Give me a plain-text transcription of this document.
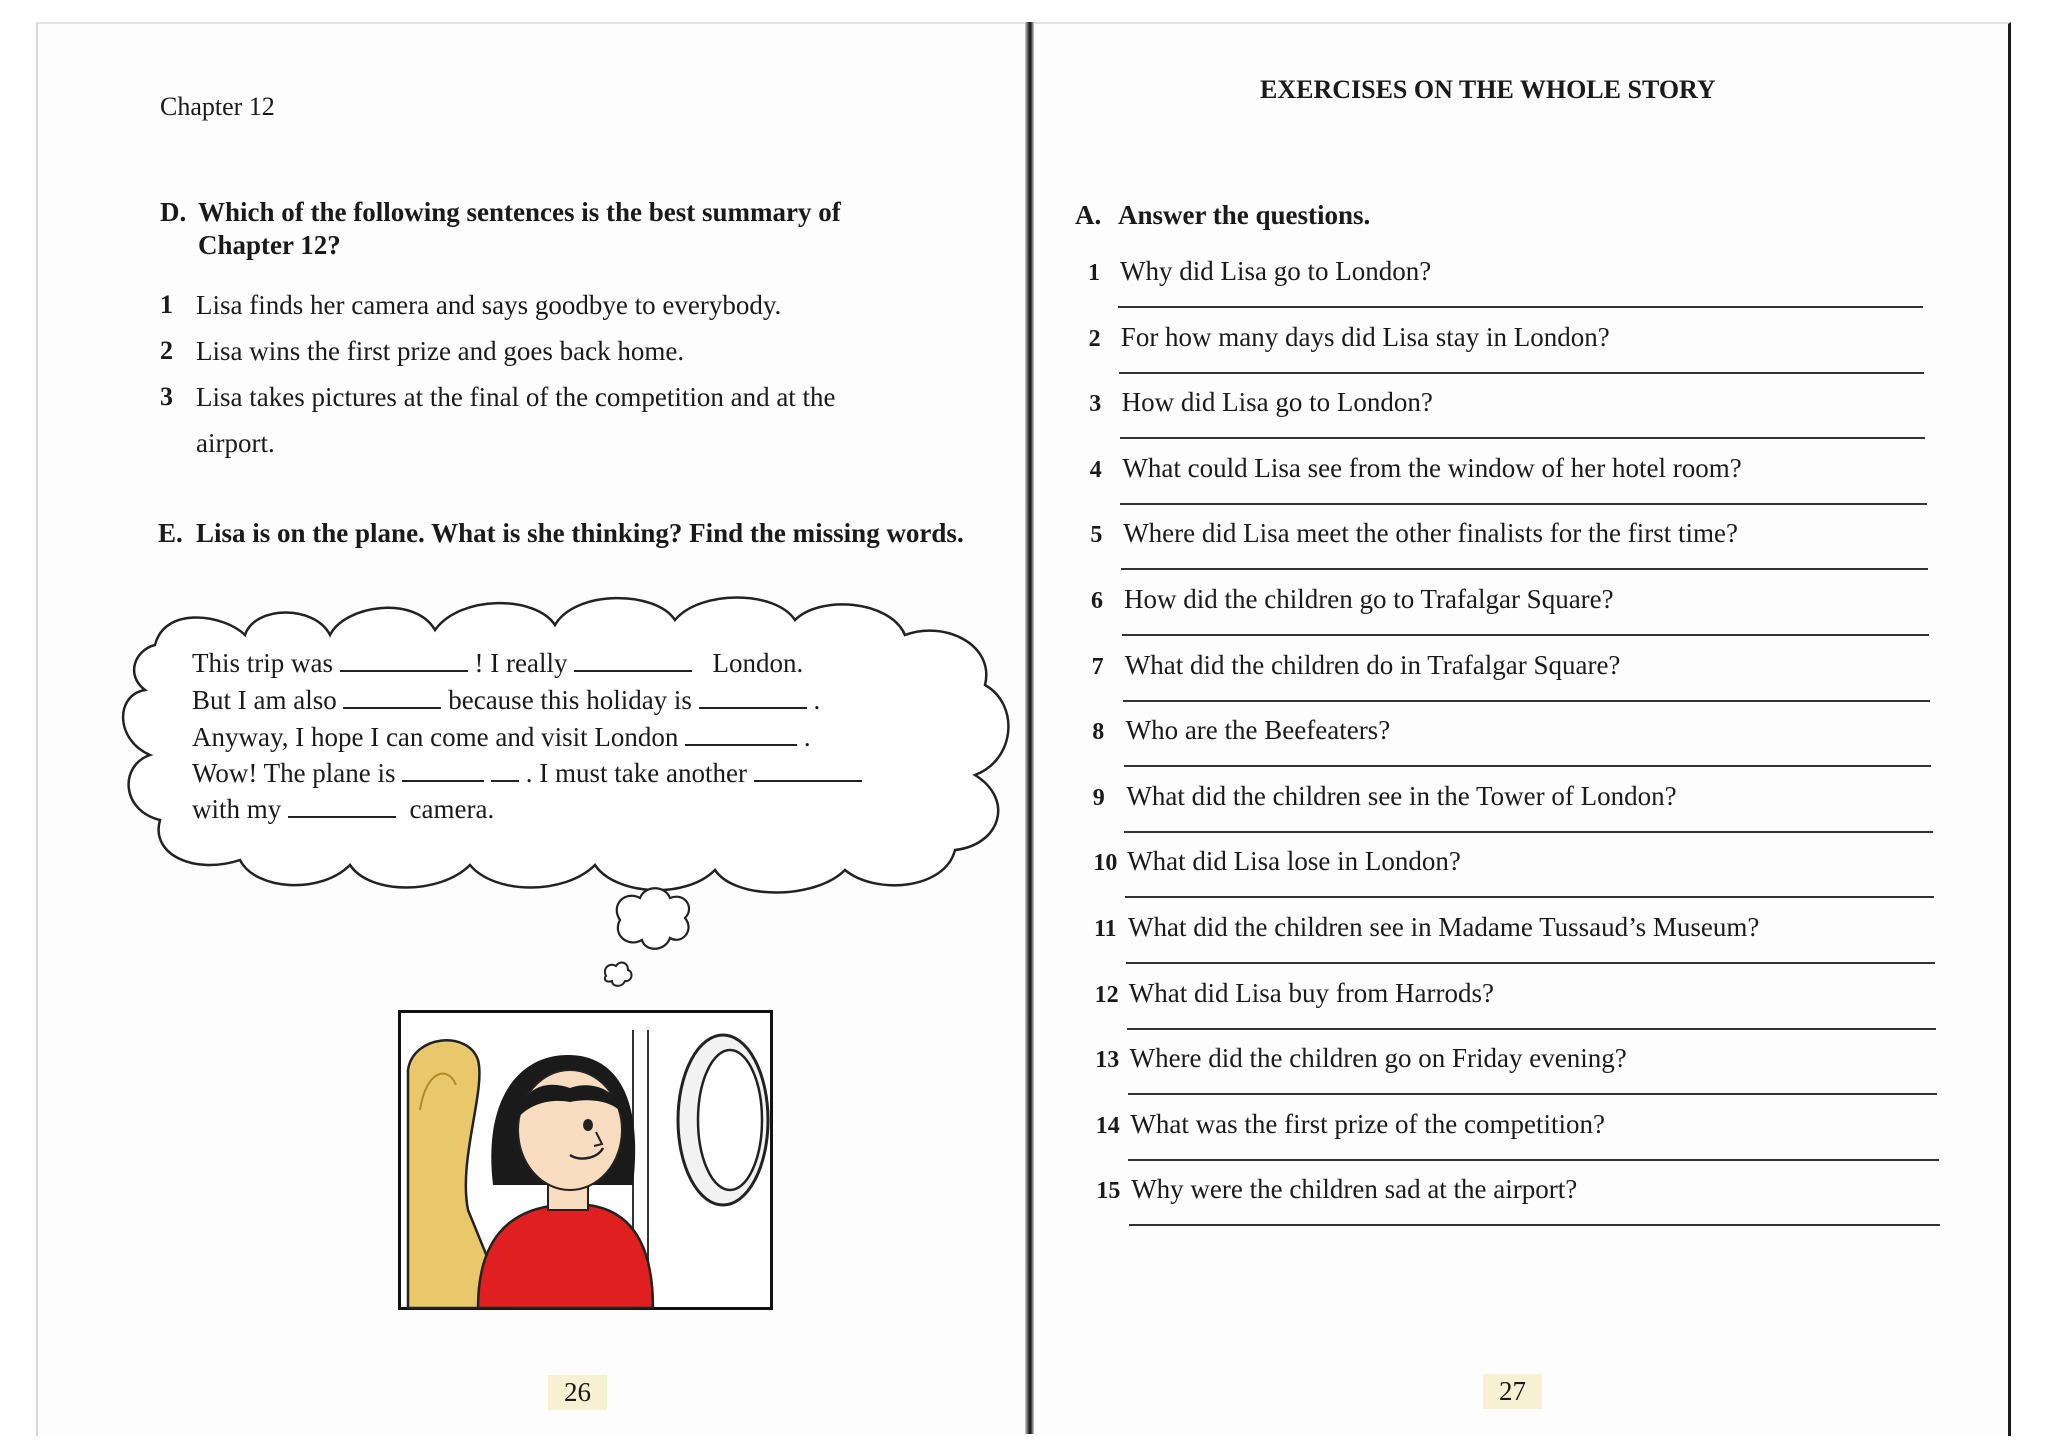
Chapter 12
D. Which of the following sentences is the best summary of
Chapter 12?
1 Lisa finds her camera and says goodbye to everybody.
2 Lisa wins the first prize and goes back home.
3 Lisa takes pictures at the final of the competition and at the
airport.
E. Lisa is on the plane. What is she thinking? Find the missing words.
This trip was	! I really	London.
But I am also	because this holiday is	.
Anyway, I hope I can come and visit London	.
Wow! The plane is	. I must take another
with my	camera.
26
EXERCISES ON THE WHOLE STORY
A. Answer the questions.
1 Why did Lisa go to London?
2 For how many days did Lisa stay in London?
3 How did Lisa go to London?
4 What could Lisa see from the window of her hotel room?
5 Where did Lisa meet the other finalists for the first time?
6 How did the children go to Trafalgar Square?
7 What did the children do in Trafalgar Square?
8 Who are the Beefeaters?
9 What did the children see in the Tower of London?
10 What did Lisa lose in London?
11 What did the children see in Madame Tussaud’s Museum?
12 What did Lisa buy from Harrods?
13 Where did the children go on Friday evening?
14 What was the first prize of the competition?
15 Why were the children sad at the airport?
27
